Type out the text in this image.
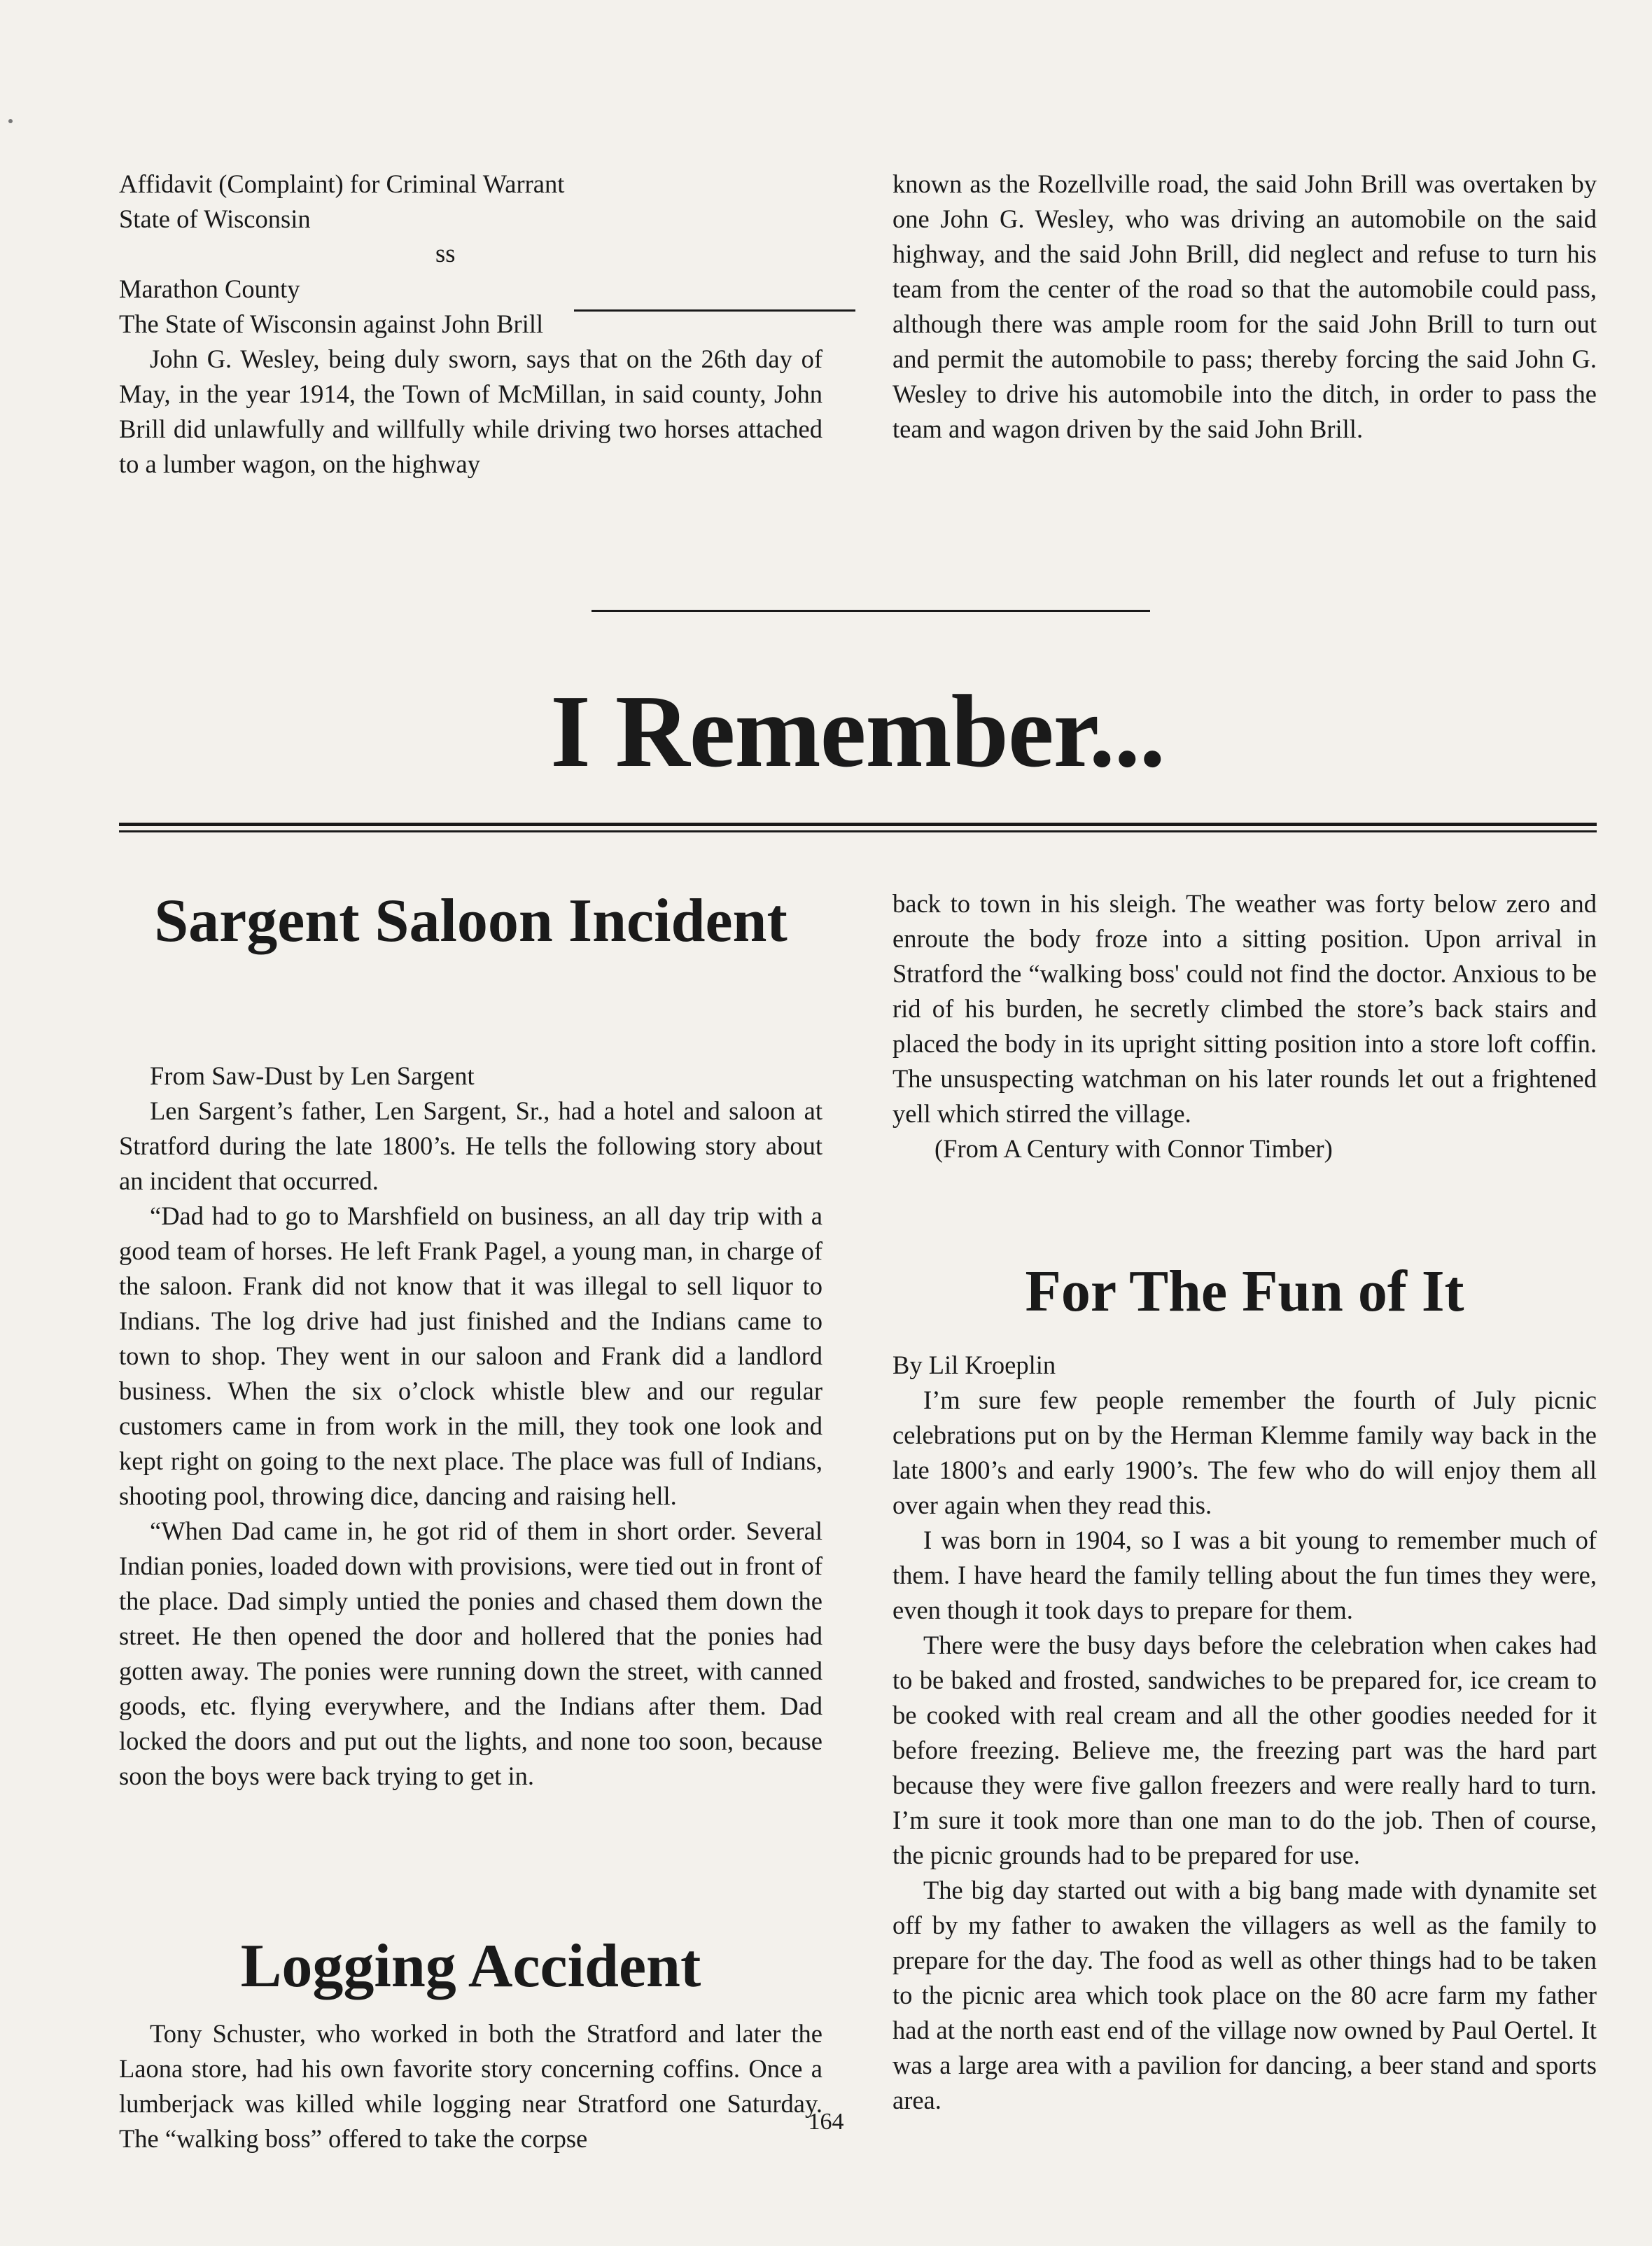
Affidavit (Complaint) for Criminal Warrant

State of Wisconsin

ss

Marathon County

The State of Wisconsin against John Brill

John G. Wesley, being duly sworn, says that on the 26th day of May, in the year 1914, the Town of McMillan, in said county, John Brill did unlawfully and willfully while driving two horses attached to a lumber wagon, on the highway

known as the Rozellville road, the said John Brill was overtaken by one John G. Wesley, who was driving an automobile on the said highway, and the said John Brill, did neglect and refuse to turn his team from the center of the road so that the automobile could pass, although there was ample room for the said John Brill to turn out and permit the automobile to pass; thereby forcing the said John G. Wesley to drive his automobile into the ditch, in order to pass the team and wagon driven by the said John Brill.

I Remember...
Sargent Saloon Incident

From Saw-Dust by Len Sargent

Len Sargent’s father, Len Sargent, Sr., had a hotel and saloon at Stratford during the late 1800’s. He tells the following story about an incident that occurred.

“Dad had to go to Marshfield on business, an all day trip with a good team of horses. He left Frank Pagel, a young man, in charge of the saloon. Frank did not know that it was illegal to sell liquor to Indians. The log drive had just finished and the Indians came to town to shop. They went in our saloon and Frank did a landlord business. When the six o’clock whistle blew and our regular customers came in from work in the mill, they took one look and kept right on going to the next place. The place was full of Indians, shooting pool, throwing dice, dancing and raising hell.

“When Dad came in, he got rid of them in short order. Several Indian ponies, loaded down with provisions, were tied out in front of the place. Dad simply untied the ponies and chased them down the street. He then opened the door and hollered that the ponies had gotten away. The ponies were running down the street, with canned goods, etc. flying everywhere, and the Indians after them. Dad locked the doors and put out the lights, and none too soon, because soon the boys were back trying to get in.

Logging Accident

Tony Schuster, who worked in both the Stratford and later the Laona store, had his own favorite story concerning coffins. Once a lumberjack was killed while logging near Stratford one Saturday. The “walking boss” offered to take the corpse

back to town in his sleigh. The weather was forty below zero and enroute the body froze into a sitting position. Upon arrival in Stratford the “walking boss' could not find the doctor. Anxious to be rid of his burden, he secretly climbed the store’s back stairs and placed the body in its upright sitting position into a store loft coffin. The unsuspecting watchman on his later rounds let out a frightened yell which stirred the village.

(From A Century with Connor Timber)

For The Fun of It

By Lil Kroeplin

I’m sure few people remember the fourth of July picnic celebrations put on by the Herman Klemme family way back in the late 1800’s and early 1900’s. The few who do will enjoy them all over again when they read this.

I was born in 1904, so I was a bit young to remember much of them. I have heard the family telling about the fun times they were, even though it took days to prepare for them.

There were the busy days before the celebration when cakes had to be baked and frosted, sandwiches to be prepared for, ice cream to be cooked with real cream and all the other goodies needed for it before freezing. Believe me, the freezing part was the hard part because they were five gallon freezers and were really hard to turn. I’m sure it took more than one man to do the job. Then of course, the picnic grounds had to be prepared for use.

The big day started out with a big bang made with dynamite set off by my father to awaken the villagers as well as the family to prepare for the day. The food as well as other things had to be taken to the picnic area which took place on the 80 acre farm my father had at the north east end of the village now owned by Paul Oertel. It was a large area with a pavilion for dancing, a beer stand and sports area.

164
